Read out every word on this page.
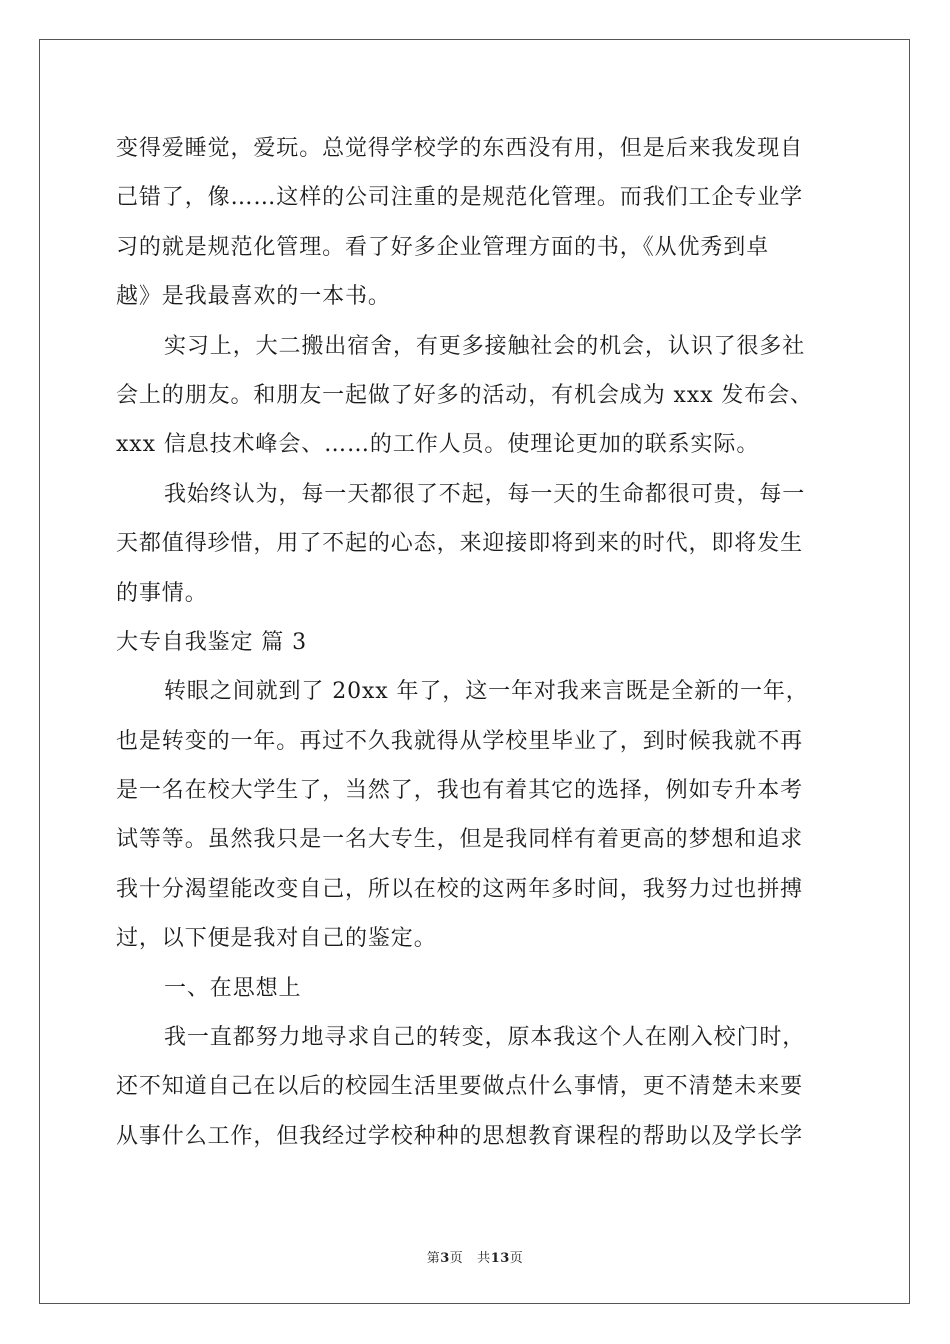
变得爱睡觉，爱玩。总觉得学校学的东西没有用，但是后来我发现自
己错了，像……这样的公司注重的是规范化管理。而我们工企专业学
习的就是规范化管理。看了好多企业管理方面的书，《从优秀到卓
越》是我最喜欢的一本书。
实习上，大二搬出宿舍，有更多接触社会的机会，认识了很多社
会上的朋友。和朋友一起做了好多的活动，有机会成为 xxx 发布会、
xxx 信息技术峰会、……的工作人员。使理论更加的联系实际。
我始终认为，每一天都很了不起，每一天的生命都很可贵，每一
天都值得珍惜，用了不起的心态，来迎接即将到来的时代，即将发生
的事情。
大专自我鉴定 篇 3
转眼之间就到了 20xx 年了，这一年对我来言既是全新的一年，
也是转变的一年。再过不久我就得从学校里毕业了，到时候我就不再
是一名在校大学生了，当然了，我也有着其它的选择，例如专升本考
试等等。虽然我只是一名大专生，但是我同样有着更高的梦想和追求
我十分渴望能改变自己，所以在校的这两年多时间，我努力过也拼搏
过，以下便是我对自己的鉴定。
一、在思想上
我一直都努力地寻求自己的转变，原本我这个人在刚入校门时，
还不知道自己在以后的校园生活里要做点什么事情，更不清楚未来要
从事什么工作，但我经过学校种种的思想教育课程的帮助以及学长学
第3页 共13页
